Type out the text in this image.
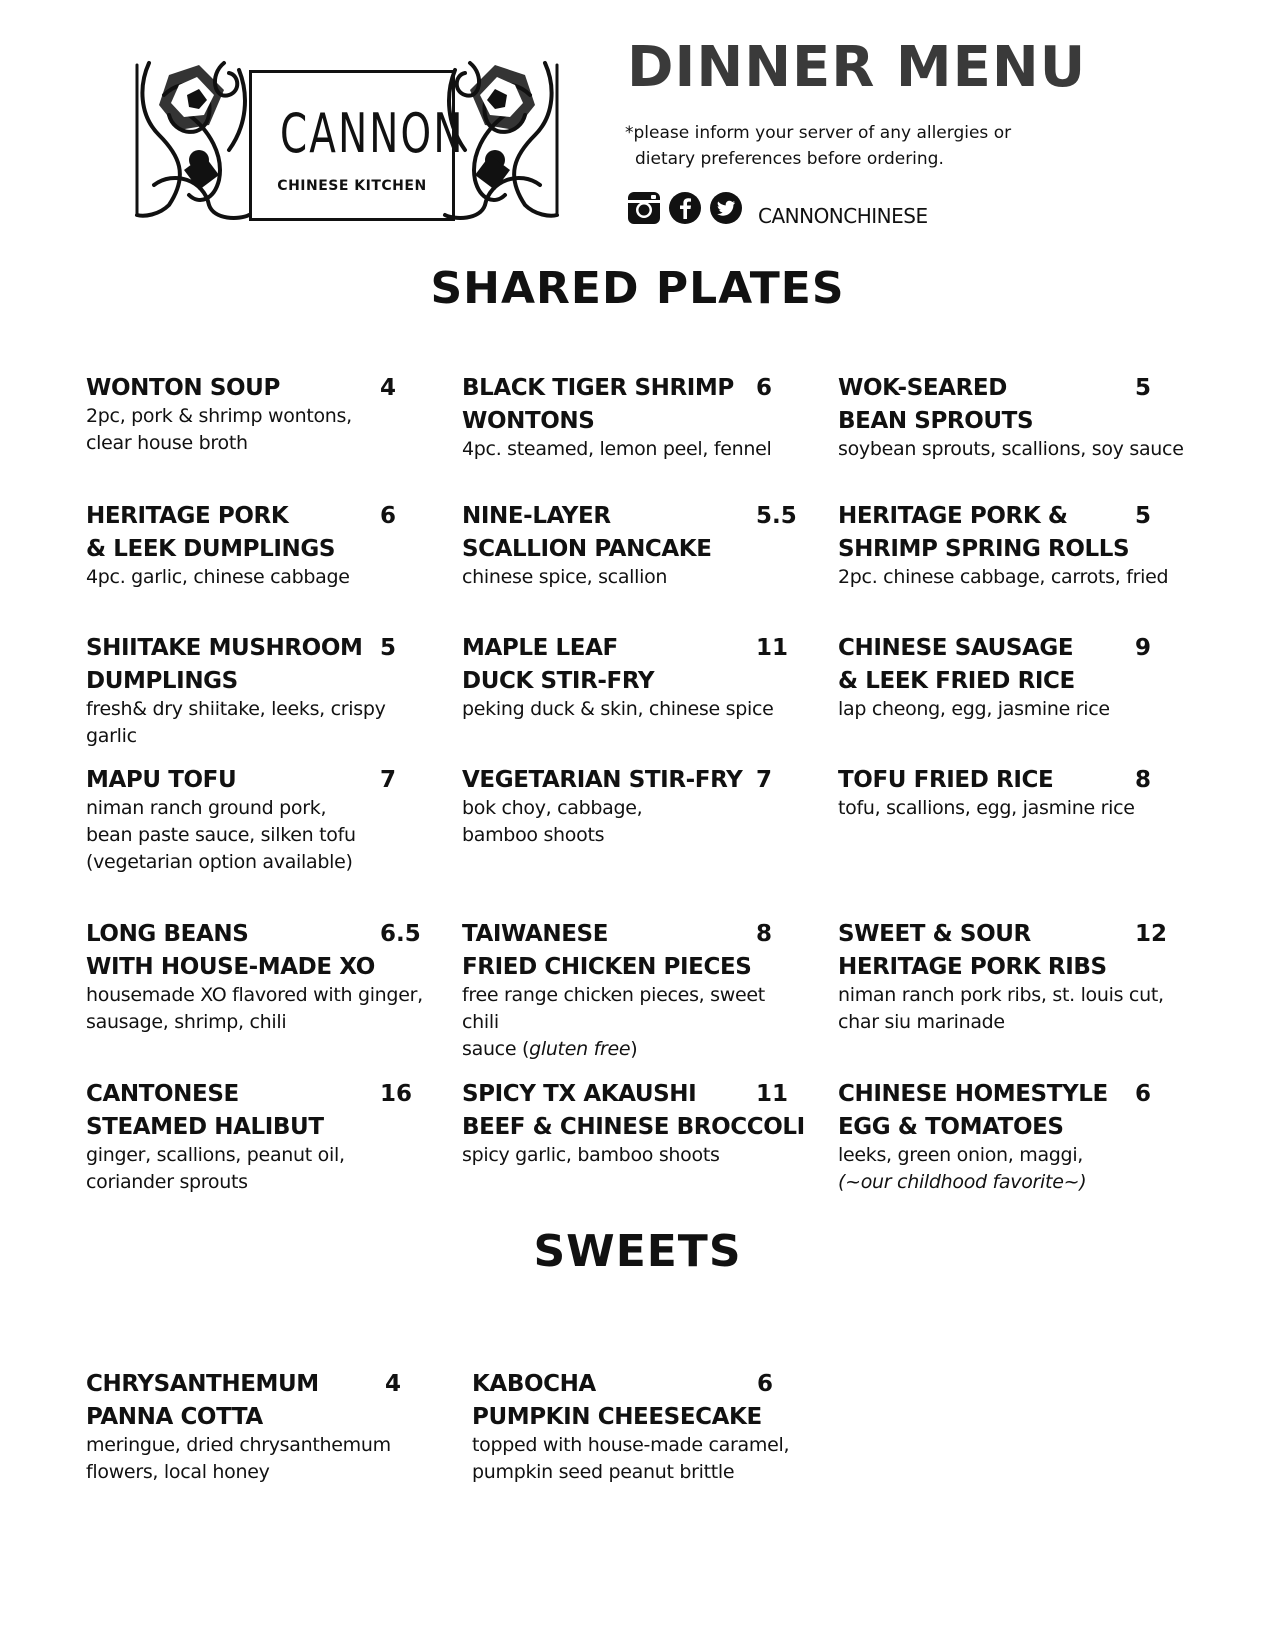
CANNON
CHINESE KITCHEN
DINNER MENU
*please inform your server of any allergies or
dietary preferences before ordering.
CANNONCHINESE
SHARED PLATES
WONTON SOUP	4
2pc, pork & shrimp wontons,
clear house broth
BLACK TIGER SHRIMP
WONTONS
6
4pc. steamed, lemon peel, fennel
WOK-SEARED
BEAN SPROUTS
5
soybean sprouts, scallions, soy sauce
HERITAGE PORK
& LEEK DUMPLINGS
6
4pc. garlic, chinese cabbage
NINE-LAYER
SCALLION PANCAKE
5.5
chinese spice, scallion
HERITAGE PORK &
SHRIMP SPRING ROLLS
5
2pc. chinese cabbage, carrots, fried
SHIITAKE MUSHROOM
DUMPLINGS
5
fresh& dry shiitake, leeks, crispy garlic
MAPLE LEAF
DUCK STIR-FRY
11
peking duck & skin, chinese spice
CHINESE SAUSAGE
& LEEK FRIED RICE
9
lap cheong, egg, jasmine rice
MAPU TOFU	7
niman ranch ground pork,
bean paste sauce, silken tofu
(vegetarian option available)
VEGETARIAN STIR-FRY 7
bok choy, cabbage,
bamboo shoots
TOFU FRIED RICE	8
tofu, scallions, egg, jasmine rice
LONG BEANS
WITH HOUSE-MADE XO
6.5
housemade XO flavored with ginger,
sausage, shrimp, chili
TAIWANESE
FRIED CHICKEN PIECES
8
free range chicken pieces, sweet chili
sauce (gluten free)
SWEET & SOUR
HERITAGE PORK RIBS
12
niman ranch pork ribs, st. louis cut,
char siu marinade
CANTONESE
STEAMED HALIBUT
16
ginger, scallions, peanut oil,
coriander sprouts
SPICY TX AKAUSHI
BEEF & CHINESE BROCCOLI
11
spicy garlic, bamboo shoots
CHINESE HOMESTYLE
EGG & TOMATOES
6
leeks, green onion, maggi,
(~our childhood favorite~)
SWEETS
CHRYSANTHEMUM
PANNA COTTA
4
meringue, dried chrysanthemum
flowers, local honey
KABOCHA
PUMPKIN CHEESECAKE
6
topped with house-made caramel,
pumpkin seed peanut brittle
